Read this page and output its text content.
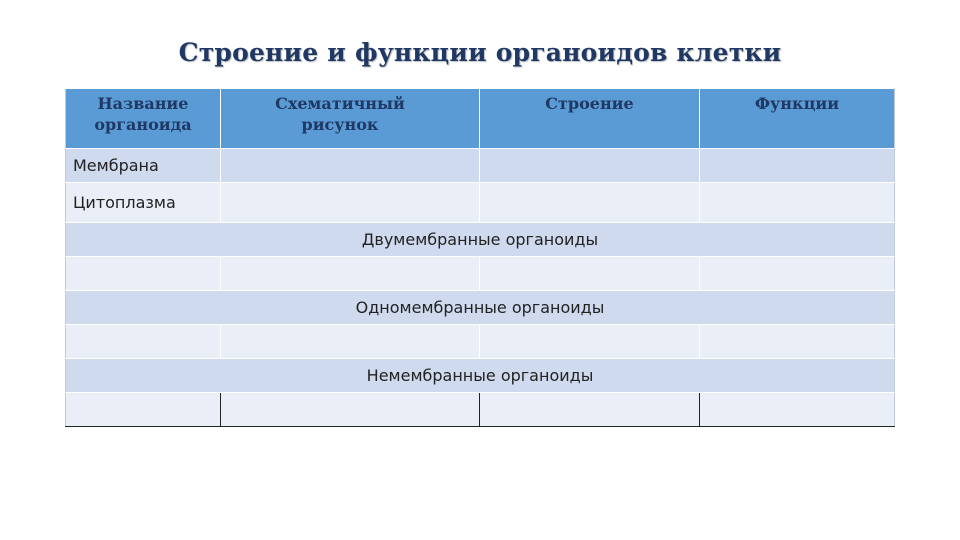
Строение и функции органоидов клетки
Название органоида	Схематичный рисунок	Строение	Функции
Мембрана			
Цитоплазма			
Двумембранные органоиды			

Одномембранные органоиды			

Немембранные органоиды			
